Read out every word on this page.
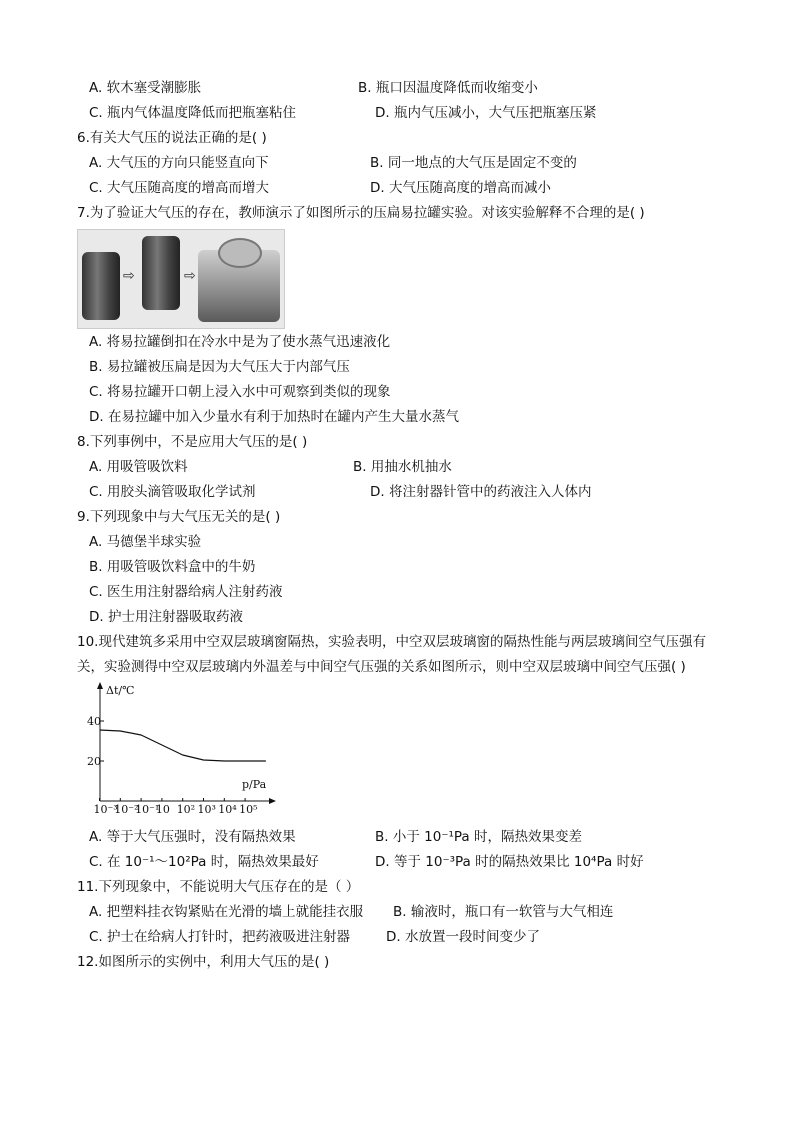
A. 软木塞受潮膨胀	B. 瓶口因温度降低而收缩变小
C. 瓶内气体温度降低而把瓶塞粘住	D. 瓶内气压减小，大气压把瓶塞压紧
6.有关大气压的说法正确的是( )
A. 大气压的方向只能竖直向下	B. 同一地点的大气压是固定不变的
C. 大气压随高度的增高而增大	D. 大气压随高度的增高而减小
7.为了验证大气压的存在，教师演示了如图所示的压扁易拉罐实验。对该实验解释不合理的是( )
⇨	⇨
A. 将易拉罐倒扣在冷水中是为了使水蒸气迅速液化
B. 易拉罐被压扁是因为大气压大于内部气压
C. 将易拉罐开口朝上浸入水中可观察到类似的现象
D. 在易拉罐中加入少量水有利于加热时在罐内产生大量水蒸气
8.下列事例中，不是应用大气压的是( )
A. 用吸管吸饮料	B. 用抽水机抽水
C. 用胶头滴管吸取化学试剂	D. 将注射器针管中的药液注入人体内
9.下列现象中与大气压无关的是( )
A. 马德堡半球实验
B. 用吸管吸饮料盒中的牛奶
C. 医生用注射器给病人注射药液
D. 护士用注射器吸取药液
10.现代建筑多采用中空双层玻璃窗隔热，实验表明，中空双层玻璃窗的隔热性能与两层玻璃间空气压强有
关，实验测得中空双层玻璃内外温差与中间空气压强的关系如图所示，则中空双层玻璃中间空气压强( )
Δt/℃
p/Pa
20
40
10⁻³
10⁻²
10⁻¹
10 10² 10³ 10⁴ 10⁵
A. 等于大气压强时，没有隔热效果	B. 小于 10⁻¹Pa 时，隔热效果变差
C. 在 10⁻¹～10²Pa 时，隔热效果最好	D. 等于 10⁻³Pa 时的隔热效果比 10⁴Pa 时好
11.下列现象中，不能说明大气压存在的是（ ）
A. 把塑料挂衣钩紧贴在光滑的墙上就能挂衣服 B. 输液时，瓶口有一软管与大气相连
C. 护士在给病人打针时，把药液吸进注射器	D. 水放置一段时间变少了
12.如图所示的实例中，利用大气压的是( )
